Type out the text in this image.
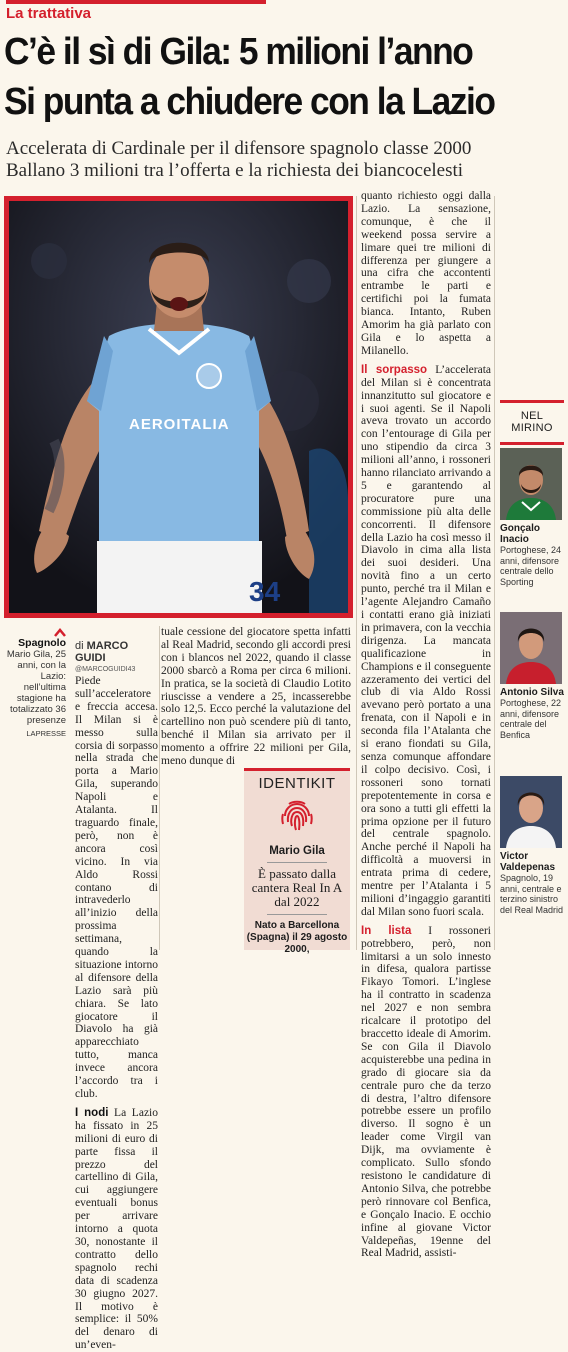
La trattativa
C’è il sì di Gila: 5 milioni l’anno
Si punta a chiudere con la Lazio
Accelerata di Cardinale per il difensore spagnolo classe 2000
Ballano 3 milioni tra l’offerta e la richiesta dei biancocelesti
34
AEROITALIA
Spagnolo
Mario Gila, 25 anni, con la Lazio: nell’ultima stagione ha totalizzato 36 presenze
LAPRESSE
di MARCO GUIDI
@MARCOGUIDI43

quanto richiesto oggi dalla Lazio. La sensazione, comunque, è che il weekend possa servire a limare quei tre milioni di differenza per giungere a una cifra che accontenti entrambe le parti e certifichi poi la fumata bianca. Intanto, Ruben Amorim ha già parlato con Gila e lo aspetta a Milanello.

Il sorpasso L’accelerata del Milan si è concentrata innanzitutto sul giocatore e i suoi agenti. Se il Napoli aveva trovato un accordo con l’entourage di Gila per uno stipendio da circa 3 milioni all’anno, i rossoneri hanno rilanciato arrivando a 5 e garantendo al procuratore pure una commissione più alta delle concorrenti. Il difensore della Lazio ha così messo il Diavolo in cima alla lista dei suoi desideri. Una novità fino a un certo punto, perché tra il Milan e l’agente Alejandro Camaño i contatti erano già iniziati in primavera, con la vecchia dirigenza. La mancata qualificazione in Champions e il conseguente azzeramento dei vertici del club di via Aldo Rossi avevano però portato a una frenata, con il Napoli e in seconda fila l’Atalanta che si erano fiondati su Gila, senza comunque affondare il colpo decisivo. Così, i rossoneri sono tornati prepotentemente in corsa e ora sono a tutti gli effetti la prima opzione per il futuro del centrale spagnolo. Anche perché il Napoli ha difficoltà a muoversi in entrata prima di cedere, mentre per l’Atalanta i 5 milioni d’ingaggio garantiti dal Milan sono fuori scala.

In lista I rossoneri potrebbero, però, non limitarsi a un solo innesto in difesa, qualora partisse Fikayo Tomori. L’inglese ha il contratto in scadenza nel 2027 e non sembra ricalcare il prototipo del braccetto ideale di Amorim. Se con Gila il Diavolo acquisterebbe una pedina in grado di giocare sia da centrale puro che da terzo di destra, l’altro difensore potrebbe essere un profilo diverso. Il sogno è un leader come Virgil van Dijk, ma ovviamente è complicato. Sullo sfondo resistono le candidature di Antonio Silva, che potrebbe però rinnovare col Benfica, e Gonçalo Inacio. E occhio infine al giovane Victor Valdepeñas, 19enne del Real Madrid, assisti-

Piede sull’acceleratore e freccia accesa. Il Milan si è messo sulla corsia di sorpasso nella strada che porta a Mario Gila, superando Napoli e Atalanta. Il traguardo finale, però, non è ancora così vicino. In via Aldo Rossi contano di intravederlo all’inizio della prossima settimana, quando la situazione intorno al difensore della Lazio sarà più chiara. Se lato giocatore il Diavolo ha già apparecchiato tutto, manca invece ancora l’accordo tra i club.

I nodi La Lazio ha fissato in 25 milioni di euro di parte fissa il prezzo del cartellino di Gila, cui aggiungere eventuali bonus per arrivare intorno a quota 30, nonostante il contratto dello spagnolo rechi data di scadenza 30 giugno 2027. Il motivo è semplice: il 50% del denaro di un’even-

tuale cessione del giocatore spetta infatti al Real Madrid, secondo gli accordi presi con i blancos nel 2022, quando il classe 2000 sbarcò a Roma per circa 6 milioni. In pratica, se la società di Claudio Lotito riuscisse a vendere a 25, incasserebbe solo 12,5. Ecco perché la valutazione del cartellino non può scendere più di tanto, benché il Milan sia arrivato per il momento a offrire 22 milioni per Gila, meno dunque di

IDENTIKIT
Mario Gila
È passato dalla cantera Real In A dal 2022
Nato a Barcellona (Spagna) il 29 agosto 2000,
NEL MIRINO
Gonçalo Inacio
Portoghese, 24 anni, difensore centrale dello Sporting
Antonio Silva
Portoghese, 22 anni, difensore centrale del Benfica
Victor Valdepenas
Spagnolo, 19 anni, centrale e terzino sinistro del Real Madrid
